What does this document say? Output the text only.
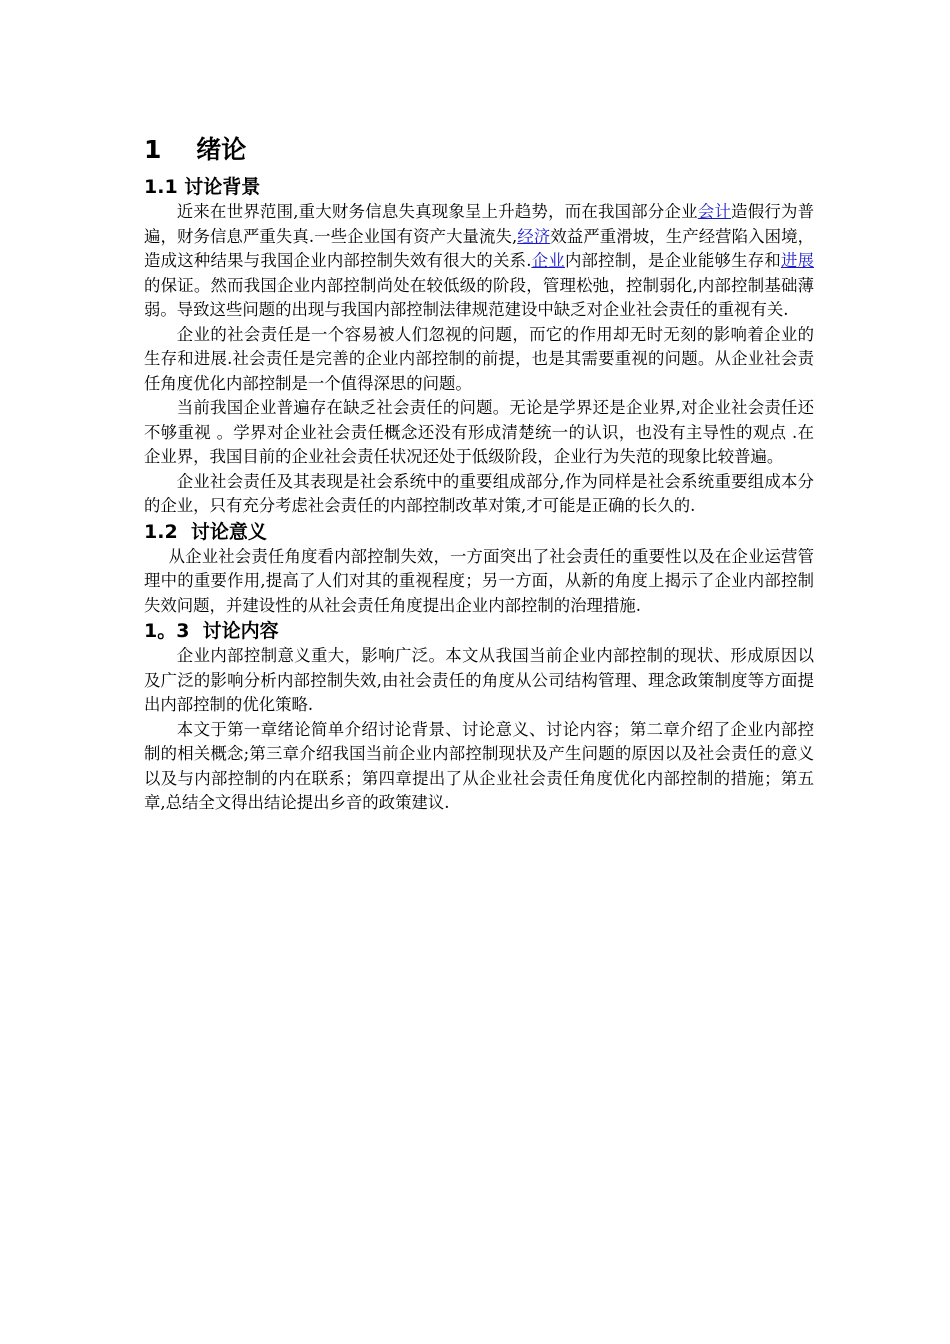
1    绪论
1.1 讨论背景

近来在世界范围,重大财务信息失真现象呈上升趋势，而在我国部分企业会计造假行为普遍，财务信息严重失真.一些企业国有资产大量流失,经济效益严重滑坡，生产经营陷入困境，造成这种结果与我国企业内部控制失效有很大的关系.企业内部控制，是企业能够生存和进展的保证。然而我国企业内部控制尚处在较低级的阶段，管理松弛，控制弱化,内部控制基础薄弱。导致这些问题的出现与我国内部控制法律规范建设中缺乏对企业社会责任的重视有关.

企业的社会责任是一个容易被人们忽视的问题，而它的作用却无时无刻的影响着企业的生存和进展.社会责任是完善的企业内部控制的前提，也是其需要重视的问题。从企业社会责任角度优化内部控制是一个值得深思的问题。

当前我国企业普遍存在缺乏社会责任的问题。无论是学界还是企业界,对企业社会责任还不够重视 。学界对企业社会责任概念还没有形成清楚统一的认识，也没有主导性的观点 .在企业界，我国目前的企业社会责任状况还处于低级阶段，企业行为失范的现象比较普遍。

企业社会责任及其表现是社会系统中的重要组成部分,作为同样是社会系统重要组成本分的企业，只有充分考虑社会责任的内部控制改革对策,才可能是正确的长久的.

1.2  讨论意义

从企业社会责任角度看内部控制失效，一方面突出了社会责任的重要性以及在企业运营管理中的重要作用,提高了人们对其的重视程度；另一方面，从新的角度上揭示了企业内部控制失效问题，并建设性的从社会责任角度提出企业内部控制的治理措施.

1。3  讨论内容

企业内部控制意义重大，影响广泛。本文从我国当前企业内部控制的现状、形成原因以及广泛的影响分析内部控制失效,由社会责任的角度从公司结构管理、理念政策制度等方面提出内部控制的优化策略.

本文于第一章绪论简单介绍讨论背景、讨论意义、讨论内容；第二章介绍了企业内部控制的相关概念;第三章介绍我国当前企业内部控制现状及产生问题的原因以及社会责任的意义以及与内部控制的内在联系；第四章提出了从企业社会责任角度优化内部控制的措施；第五章,总结全文得出结论提出乡音的政策建议.
